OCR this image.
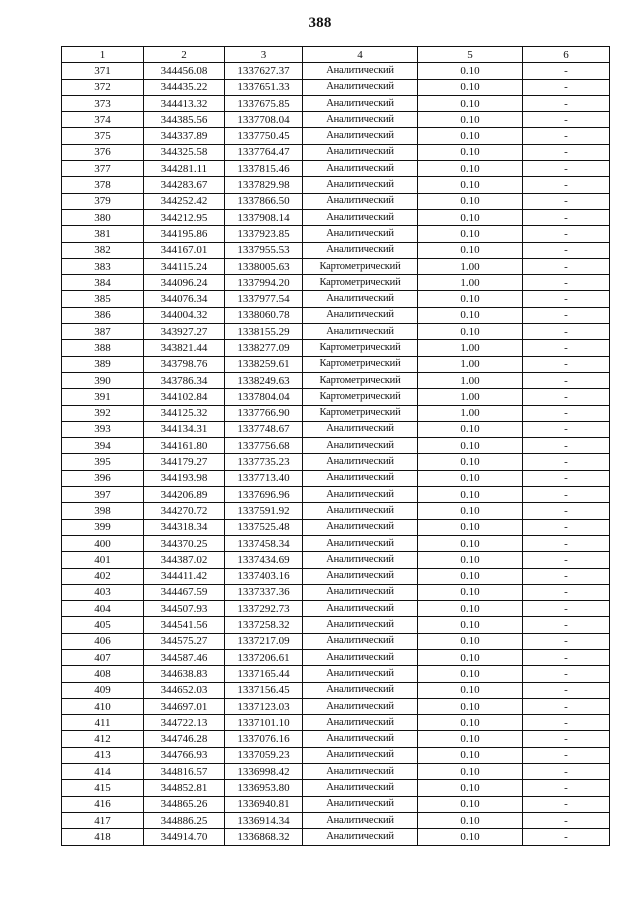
388
1	2	3	4	5	6
371	344456.08	1337627.37	Аналитический	0.10	-
372	344435.22	1337651.33	Аналитический	0.10	-
373	344413.32	1337675.85	Аналитический	0.10	-
374	344385.56	1337708.04	Аналитический	0.10	-
375	344337.89	1337750.45	Аналитический	0.10	-
376	344325.58	1337764.47	Аналитический	0.10	-
377	344281.11	1337815.46	Аналитический	0.10	-
378	344283.67	1337829.98	Аналитический	0.10	-
379	344252.42	1337866.50	Аналитический	0.10	-
380	344212.95	1337908.14	Аналитический	0.10	-
381	344195.86	1337923.85	Аналитический	0.10	-
382	344167.01	1337955.53	Аналитический	0.10	-
383	344115.24	1338005.63	Картометрический	1.00	-
384	344096.24	1337994.20	Картометрический	1.00	-
385	344076.34	1337977.54	Аналитический	0.10	-
386	344004.32	1338060.78	Аналитический	0.10	-
387	343927.27	1338155.29	Аналитический	0.10	-
388	343821.44	1338277.09	Картометрический	1.00	-
389	343798.76	1338259.61	Картометрический	1.00	-
390	343786.34	1338249.63	Картометрический	1.00	-
391	344102.84	1337804.04	Картометрический	1.00	-
392	344125.32	1337766.90	Картометрический	1.00	-
393	344134.31	1337748.67	Аналитический	0.10	-
394	344161.80	1337756.68	Аналитический	0.10	-
395	344179.27	1337735.23	Аналитический	0.10	-
396	344193.98	1337713.40	Аналитический	0.10	-
397	344206.89	1337696.96	Аналитический	0.10	-
398	344270.72	1337591.92	Аналитический	0.10	-
399	344318.34	1337525.48	Аналитический	0.10	-
400	344370.25	1337458.34	Аналитический	0.10	-
401	344387.02	1337434.69	Аналитический	0.10	-
402	344411.42	1337403.16	Аналитический	0.10	-
403	344467.59	1337337.36	Аналитический	0.10	-
404	344507.93	1337292.73	Аналитический	0.10	-
405	344541.56	1337258.32	Аналитический	0.10	-
406	344575.27	1337217.09	Аналитический	0.10	-
407	344587.46	1337206.61	Аналитический	0.10	-
408	344638.83	1337165.44	Аналитический	0.10	-
409	344652.03	1337156.45	Аналитический	0.10	-
410	344697.01	1337123.03	Аналитический	0.10	-
411	344722.13	1337101.10	Аналитический	0.10	-
412	344746.28	1337076.16	Аналитический	0.10	-
413	344766.93	1337059.23	Аналитический	0.10	-
414	344816.57	1336998.42	Аналитический	0.10	-
415	344852.81	1336953.80	Аналитический	0.10	-
416	344865.26	1336940.81	Аналитический	0.10	-
417	344886.25	1336914.34	Аналитический	0.10	-
418	344914.70	1336868.32	Аналитический	0.10	-
